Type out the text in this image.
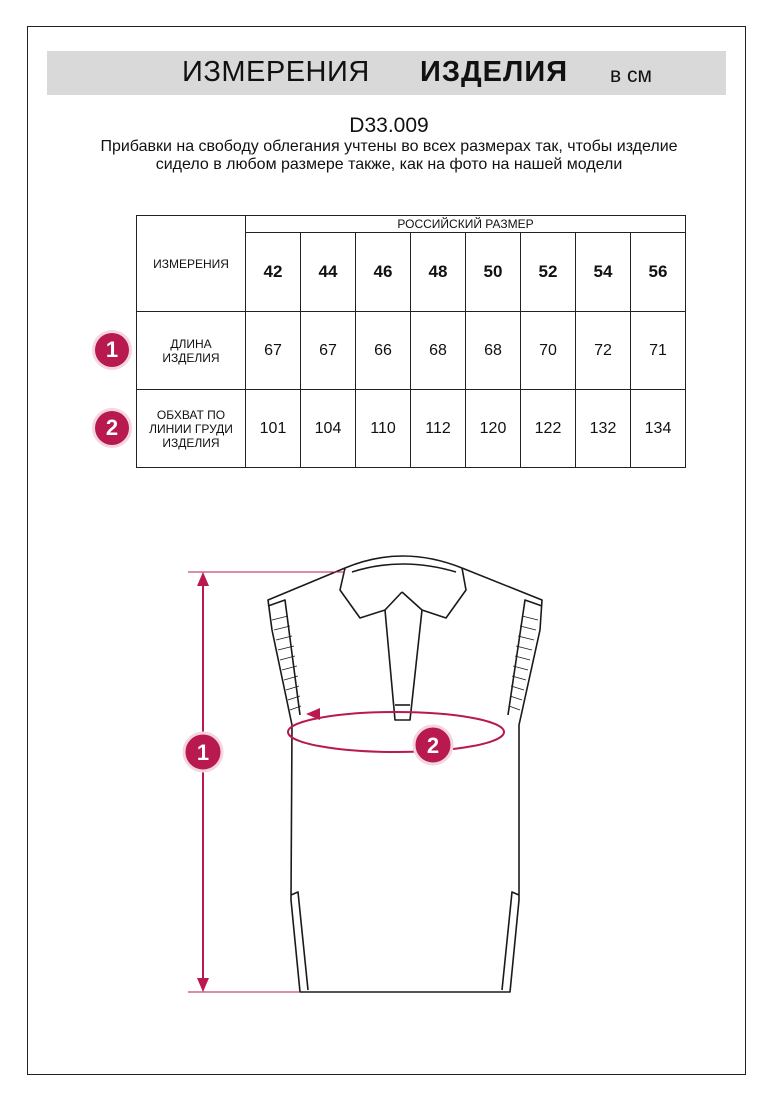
ИЗМЕРЕНИЯ ИЗДЕЛИЯ в см
D33.009
Прибавки на свободу облегания учтены во всех размерах так, чтобы изделие сидело в любом размере также, как на фото на нашей модели
ИЗМЕРЕНИЯ	РОССИЙСКИЙ РАЗМЕР							
	42	44	46	48	50	52	54	56
ДЛИНА ИЗДЕЛИЯ	67	67	66	68	68	70	72	71
ОБХВАТ ПО ЛИНИИ ГРУДИ ИЗДЕЛИЯ	101	104	110	112	120	122	132	134
1
2
1	2
